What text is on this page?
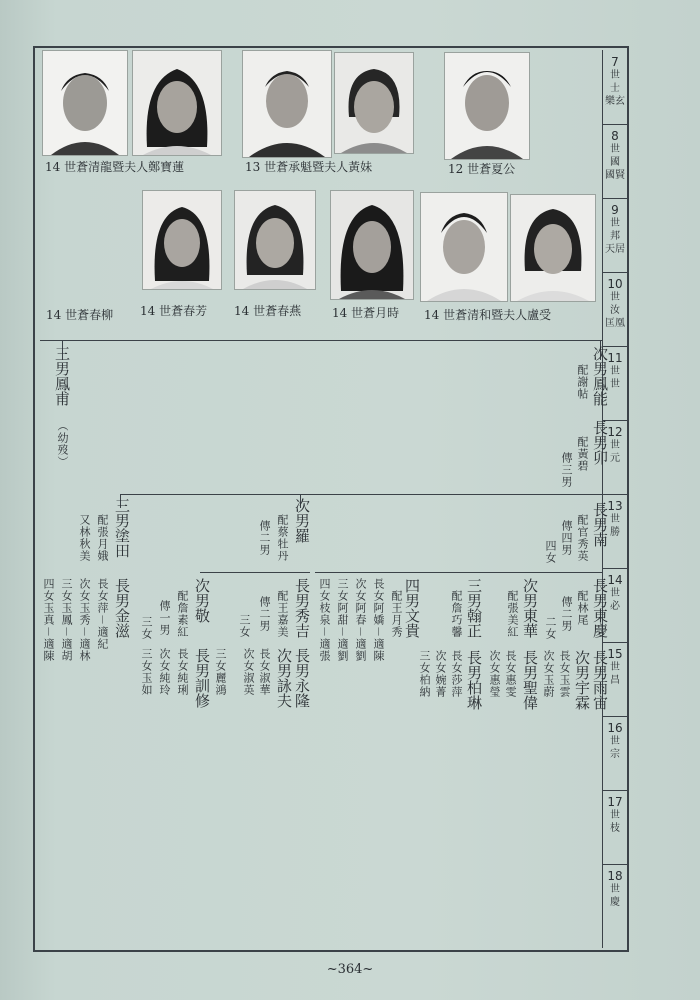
7
世
士
樂玄
8
世
國
國賢
9
世
邦
天居
10
世
汝
匡凰
11
世
世
12
世
元
13
世
勝
14
世
必
15
世
昌
16
世
宗
17
世
枝
18
世
慶
14 世蒼清龍暨夫人鄭寶蓮	13 世蒼承魁暨夫人黃妹	12 世蒼夏公
14 世蒼春柳 14 世蒼春芳 14 世蒼春燕	14 世蒼月時 14 世蒼清和暨夫人盧受
次男鳳能
配謝帖
長男卯
配黃碧
傳三男
長男南
配官秀英
傳四男
四女
三男鳳甫
（幼歿）
長男東慶
配林尾
傳二男
二女
長男雨宙
次男宇霖
長女玉雲
次女玉蔚
次男東華
配張美紅
長男聖偉
長女惠雯
次女惠瑩
三男翰正
配詹巧馨
長男柏琳
長女莎萍
次女婉菁
三女柏納
四男文貴
配王月秀
長女阿嬌－適陳
次女阿春－適劉
三女阿甜－適劉
四女枝泉－適張
次男羅
配蔡牡丹
傳二男
長男秀吉
配王嘉美
傳二男
長男永隆
次男詠夫
長女淑華
次女淑英
三女
三女麗鴻
次男敬
配詹素紅
傳一男
三女
長男訓修
長女純琍
次女純玲
三女玉如
三男塗田
配張月娥
又林秋美
長男金滋
長女萍－適紀
次女玉秀－適林
三女玉鳳－適胡
四女玉真－適陳
~364~
